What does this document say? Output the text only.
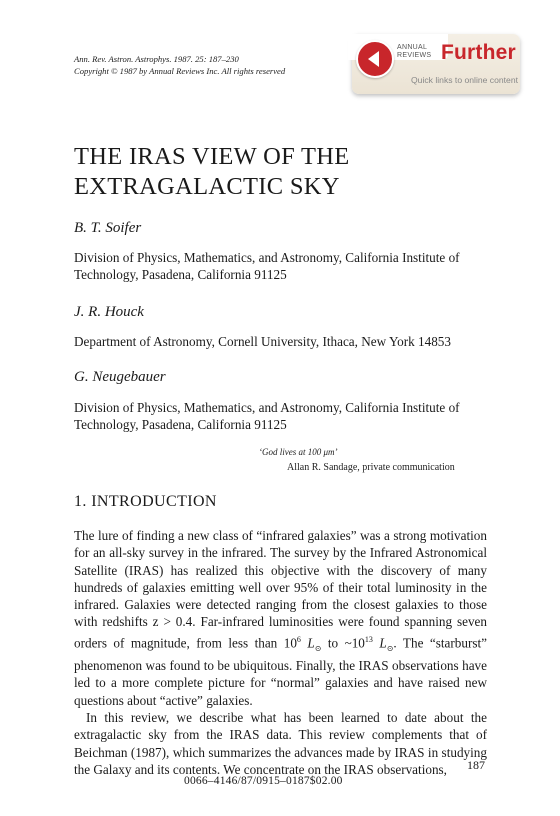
Ann. Rev. Astron. Astrophys. 1987. 25: 187–230
Copyright © 1987 by Annual Reviews Inc. All rights reserved
ANNUAL
REVIEWS Further
Quick links to online content
THE IRAS VIEW OF THE
EXTRAGALACTIC SKY
B. T. Soifer
Division of Physics, Mathematics, and Astronomy, California Institute of Technology, Pasadena, California 91125
J. R. Houck
Department of Astronomy, Cornell University, Ithaca, New York 14853
G. Neugebauer
Division of Physics, Mathematics, and Astronomy, California Institute of Technology, Pasadena, California 91125
‘God lives at 100 μm’
Allan R. Sandage, private communication
1. INTRODUCTION

The lure of finding a new class of “infrared galaxies” was a strong motivation for an all-sky survey in the infrared. The survey by the Infrared Astronomical Satellite (IRAS) has realized this objective with the discovery of many hundreds of galaxies emitting well over 95% of their total luminosity in the infrared. Galaxies were detected ranging from the closest galaxies to those with redshifts z > 0.4. Far-infrared luminosities were found spanning seven orders of magnitude, from less than $10^6$ $L_⊙$ to $\sim 10^{13}$ $L_⊙$. The “starburst” phenomenon was found to be ubiquitous. Finally, the IRAS observations have led to a more complete picture for “normal” galaxies and have raised new questions about “active” galaxies.

In this review, we describe what has been learned to date about the extragalactic sky from the IRAS data. This review complements that of Beichman (1987), which summarizes the advances made by IRAS in studying the Galaxy and its contents. We concentrate on the IRAS observations,	187
0066–4146/87/0915–0187$02.00
